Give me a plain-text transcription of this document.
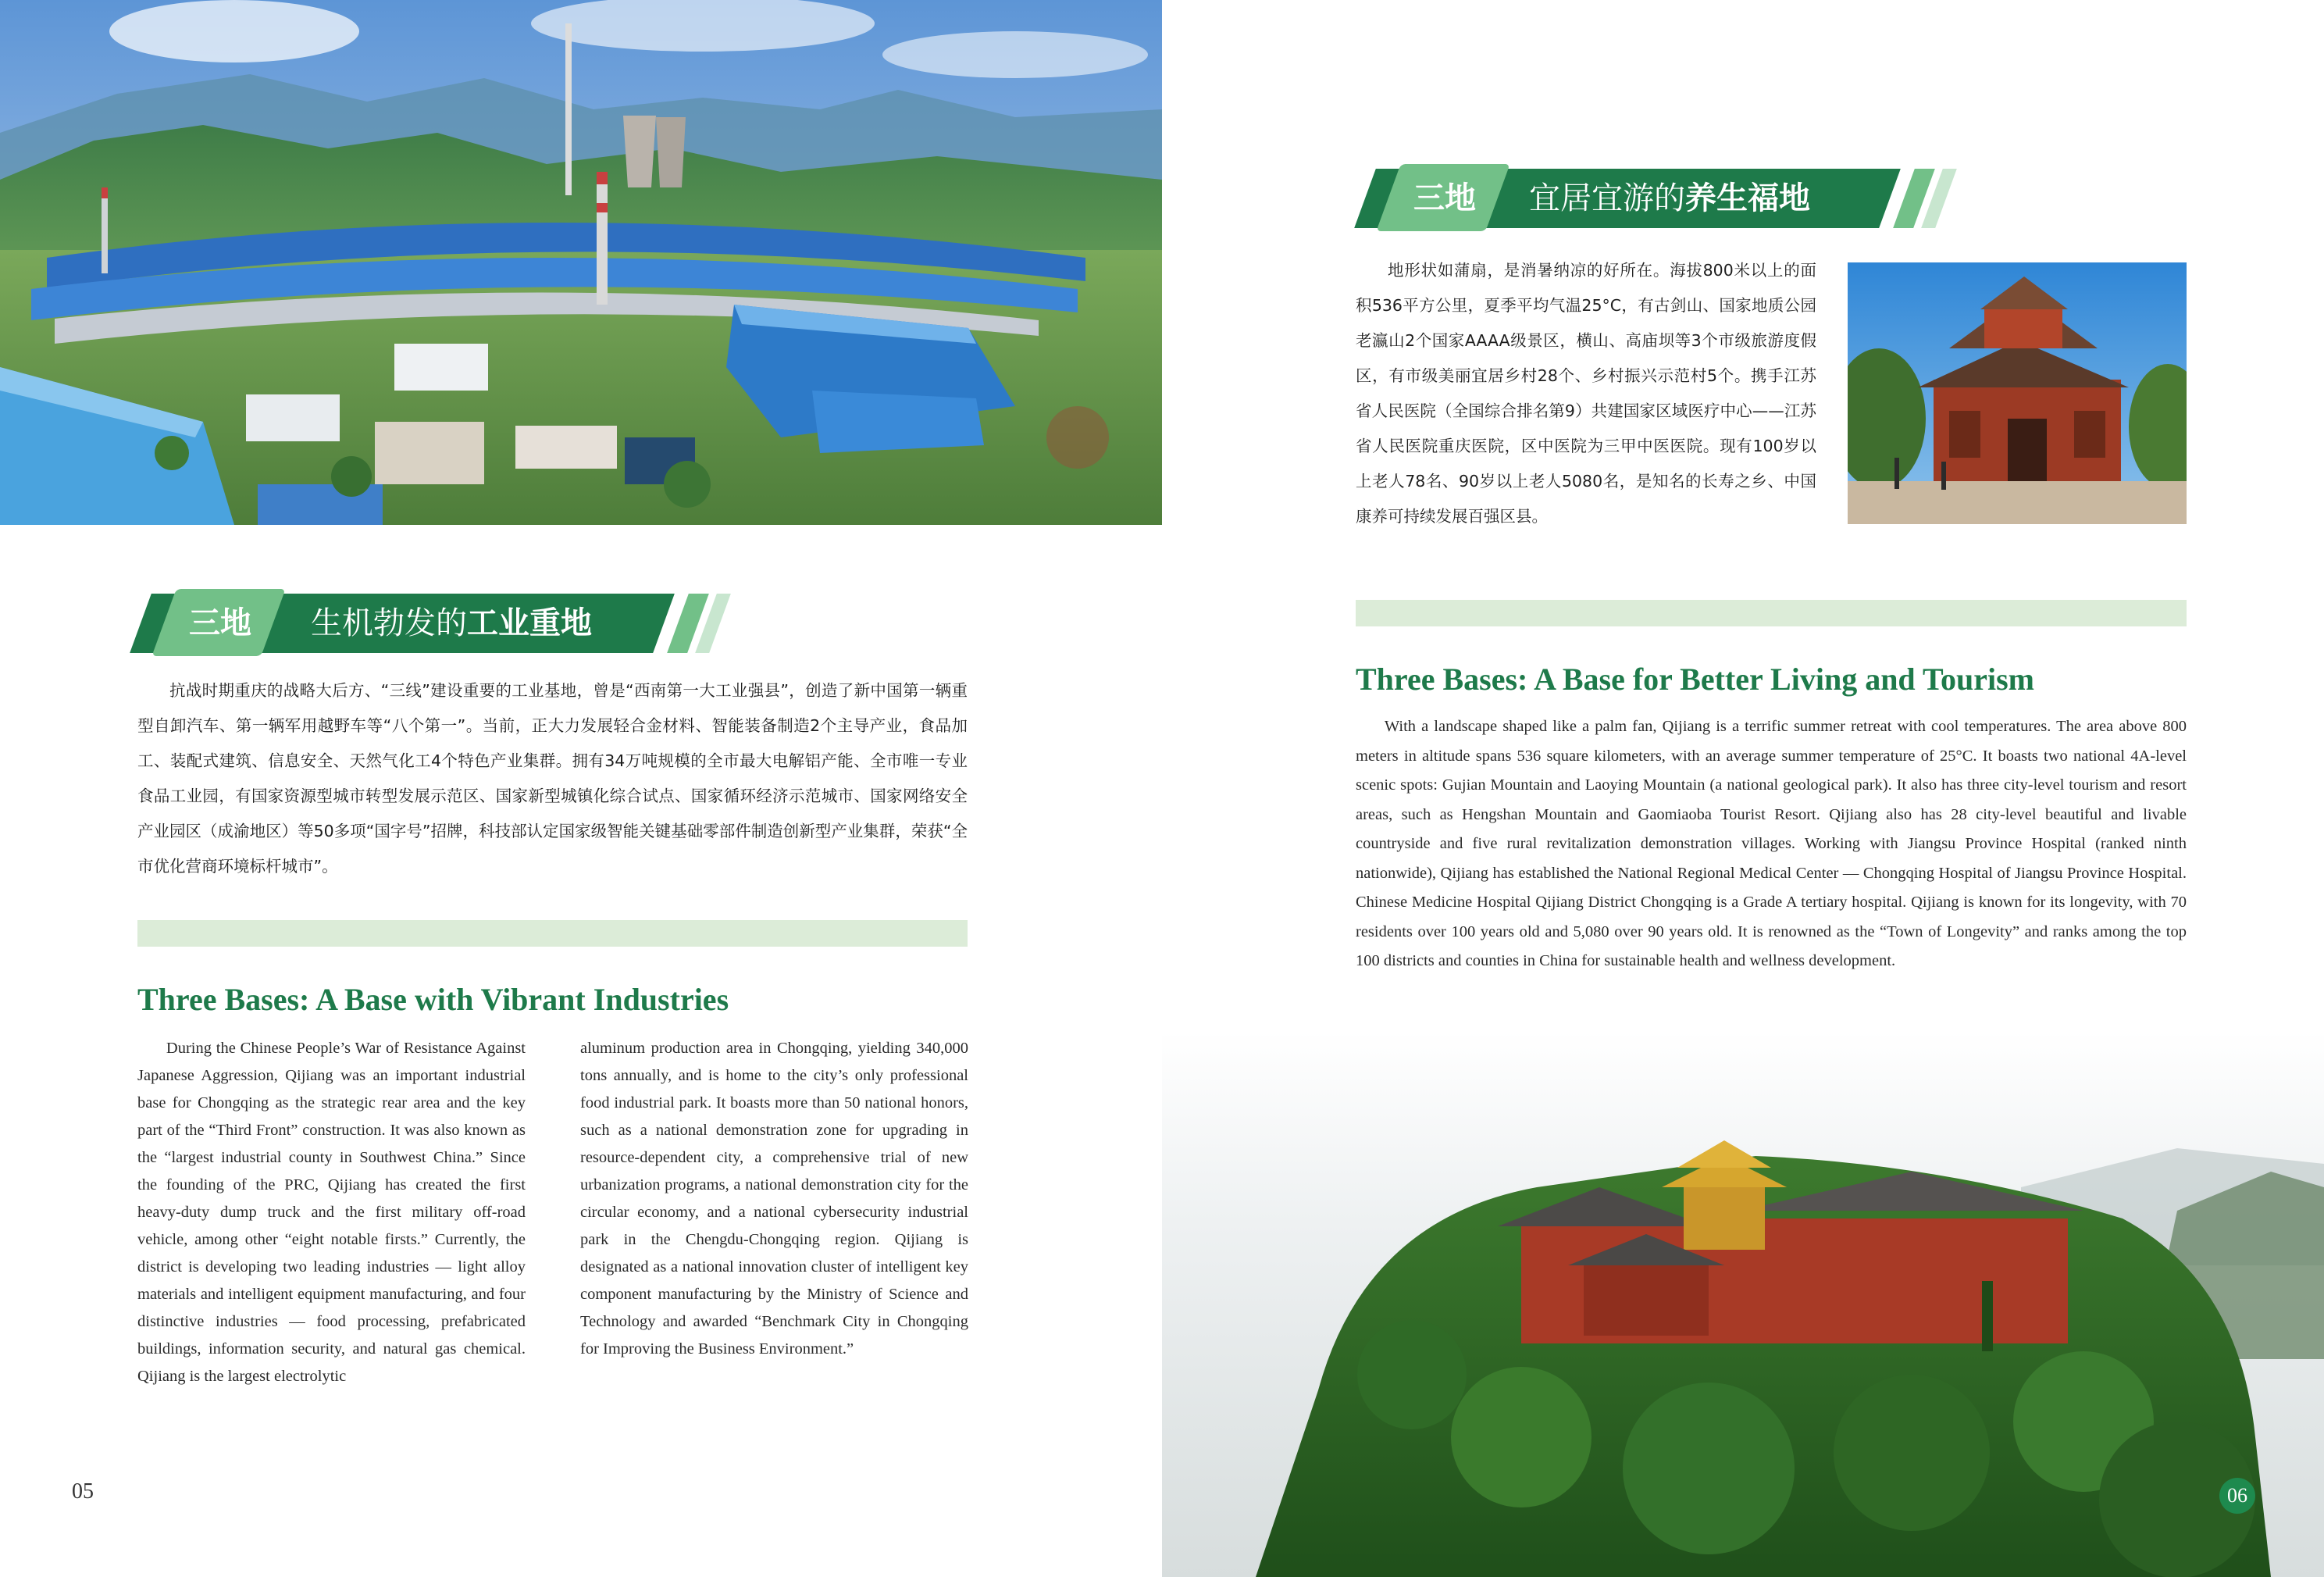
三地 生机勃发的工业重地

抗战时期重庆的战略大后方、“三线”建设重要的工业基地，曾是“西南第一大工业强县”，创造了新中国第一辆重型自卸汽车、第一辆军用越野车等“八个第一”。当前，正大力发展轻合金材料、智能装备制造2个主导产业，食品加工、装配式建筑、信息安全、天然气化工4个特色产业集群。拥有34万吨规模的全市最大电解铝产能、全市唯一专业食品工业园，有国家资源型城市转型发展示范区、国家新型城镇化综合试点、国家循环经济示范城市、国家网络安全产业园区（成渝地区）等50多项“国字号”招牌，科技部认定国家级智能关键基础零部件制造创新型产业集群，荣获“全市优化营商环境标杆城市”。

Three Bases: A Base with Vibrant Industries

During the Chinese People’s War of Resistance Against Japanese Aggression, Qijiang was an important industrial base for Chongqing as the strategic rear area and the key part of the “Third Front” construction. It was also known as the “largest industrial county in Southwest China.” Since the founding of the PRC, Qijiang has created the first heavy-duty dump truck and the first military off-road vehicle, among other “eight notable firsts.” Currently, the district is developing two leading industries — light alloy materials and intelligent equipment manufacturing, and four distinctive industries — food processing, prefabricated buildings, information security, and natural gas chemical. Qijiang is the largest electrolytic

aluminum production area in Chongqing, yielding 340,000 tons annually, and is home to the city’s only professional food industrial park. It boasts more than 50 national honors, such as a national demonstration zone for upgrading in resource-dependent city, a comprehensive trial of new urbanization programs, a national demonstration city for the circular economy, and a national cybersecurity industrial park in the Chengdu-Chongqing region. Qijiang is designated as a national innovation cluster of intelligent key component manufacturing by the Ministry of Science and Technology and awarded “Benchmark City in Chongqing for Improving the Business Environment.”

05
三地 宜居宜游的养生福地

地形状如蒲扇，是消暑纳凉的好所在。海拔800米以上的面积536平方公里，夏季平均气温25°C，有古剑山、国家地质公园老瀛山2个国家AAAA级景区，横山、高庙坝等3个市级旅游度假区，有市级美丽宜居乡村28个、乡村振兴示范村5个。携手江苏省人民医院（全国综合排名第9）共建国家区域医疗中心——江苏省人民医院重庆医院，区中医院为三甲中医医院。现有100岁以上老人78名、90岁以上老人5080名，是知名的长寿之乡、中国康养可持续发展百强区县。

Three Bases: A Base for Better Living and Tourism

With a landscape shaped like a palm fan, Qijiang is a terrific summer retreat with cool temperatures. The area above 800 meters in altitude spans 536 square kilometers, with an average summer temperature of 25°C. It boasts two national 4A-level scenic spots: Gujian Mountain and Laoying Mountain (a national geological park). It also has three city-level tourism and resort areas, such as Hengshan Mountain and Gaomiaoba Tourist Resort. Qijiang also has 28 city-level beautiful and livable countryside and five rural revitalization demonstration villages. Working with Jiangsu Province Hospital (ranked ninth nationwide), Qijiang has established the National Regional Medical Center — Chongqing Hospital of Jiangsu Province Hospital. Chinese Medicine Hospital Qijiang District Chongqing is a Grade A tertiary hospital. Qijiang is known for its longevity, with 70 residents over 100 years old and 5,080 over 90 years old. It is renowned as the “Town of Longevity” and ranks among the top 100 districts and counties in China for sustainable health and wellness development.

06
